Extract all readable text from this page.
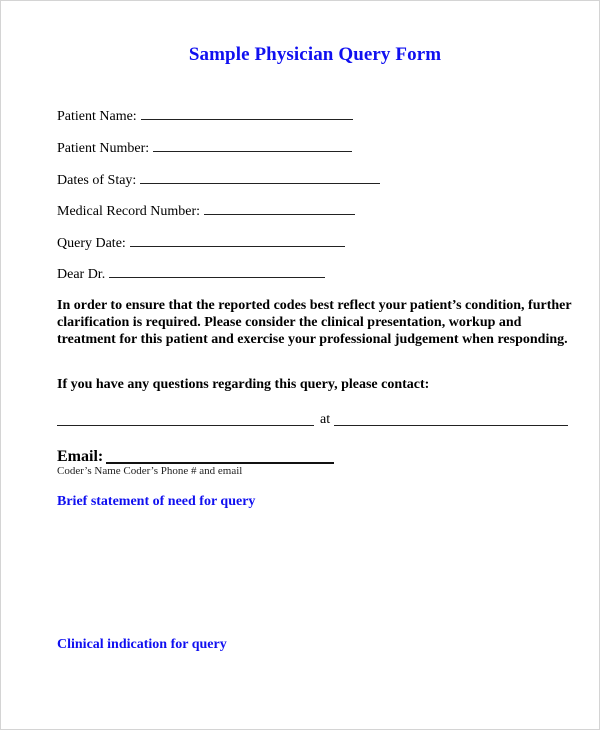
Sample Physician Query Form
Patient Name:
Patient Number:
Dates of Stay:
Medical Record Number:
Query Date:
Dear Dr.
In order to ensure that the reported codes best reflect your patient’s condition, further clarification is required. Please consider the clinical presentation, workup and treatment for this patient and exercise your professional judgement when responding.
If you have any questions regarding this query, please contact:
at
Email:
Coder’s Name Coder’s Phone # and email
Brief statement of need for query
Clinical indication for query
